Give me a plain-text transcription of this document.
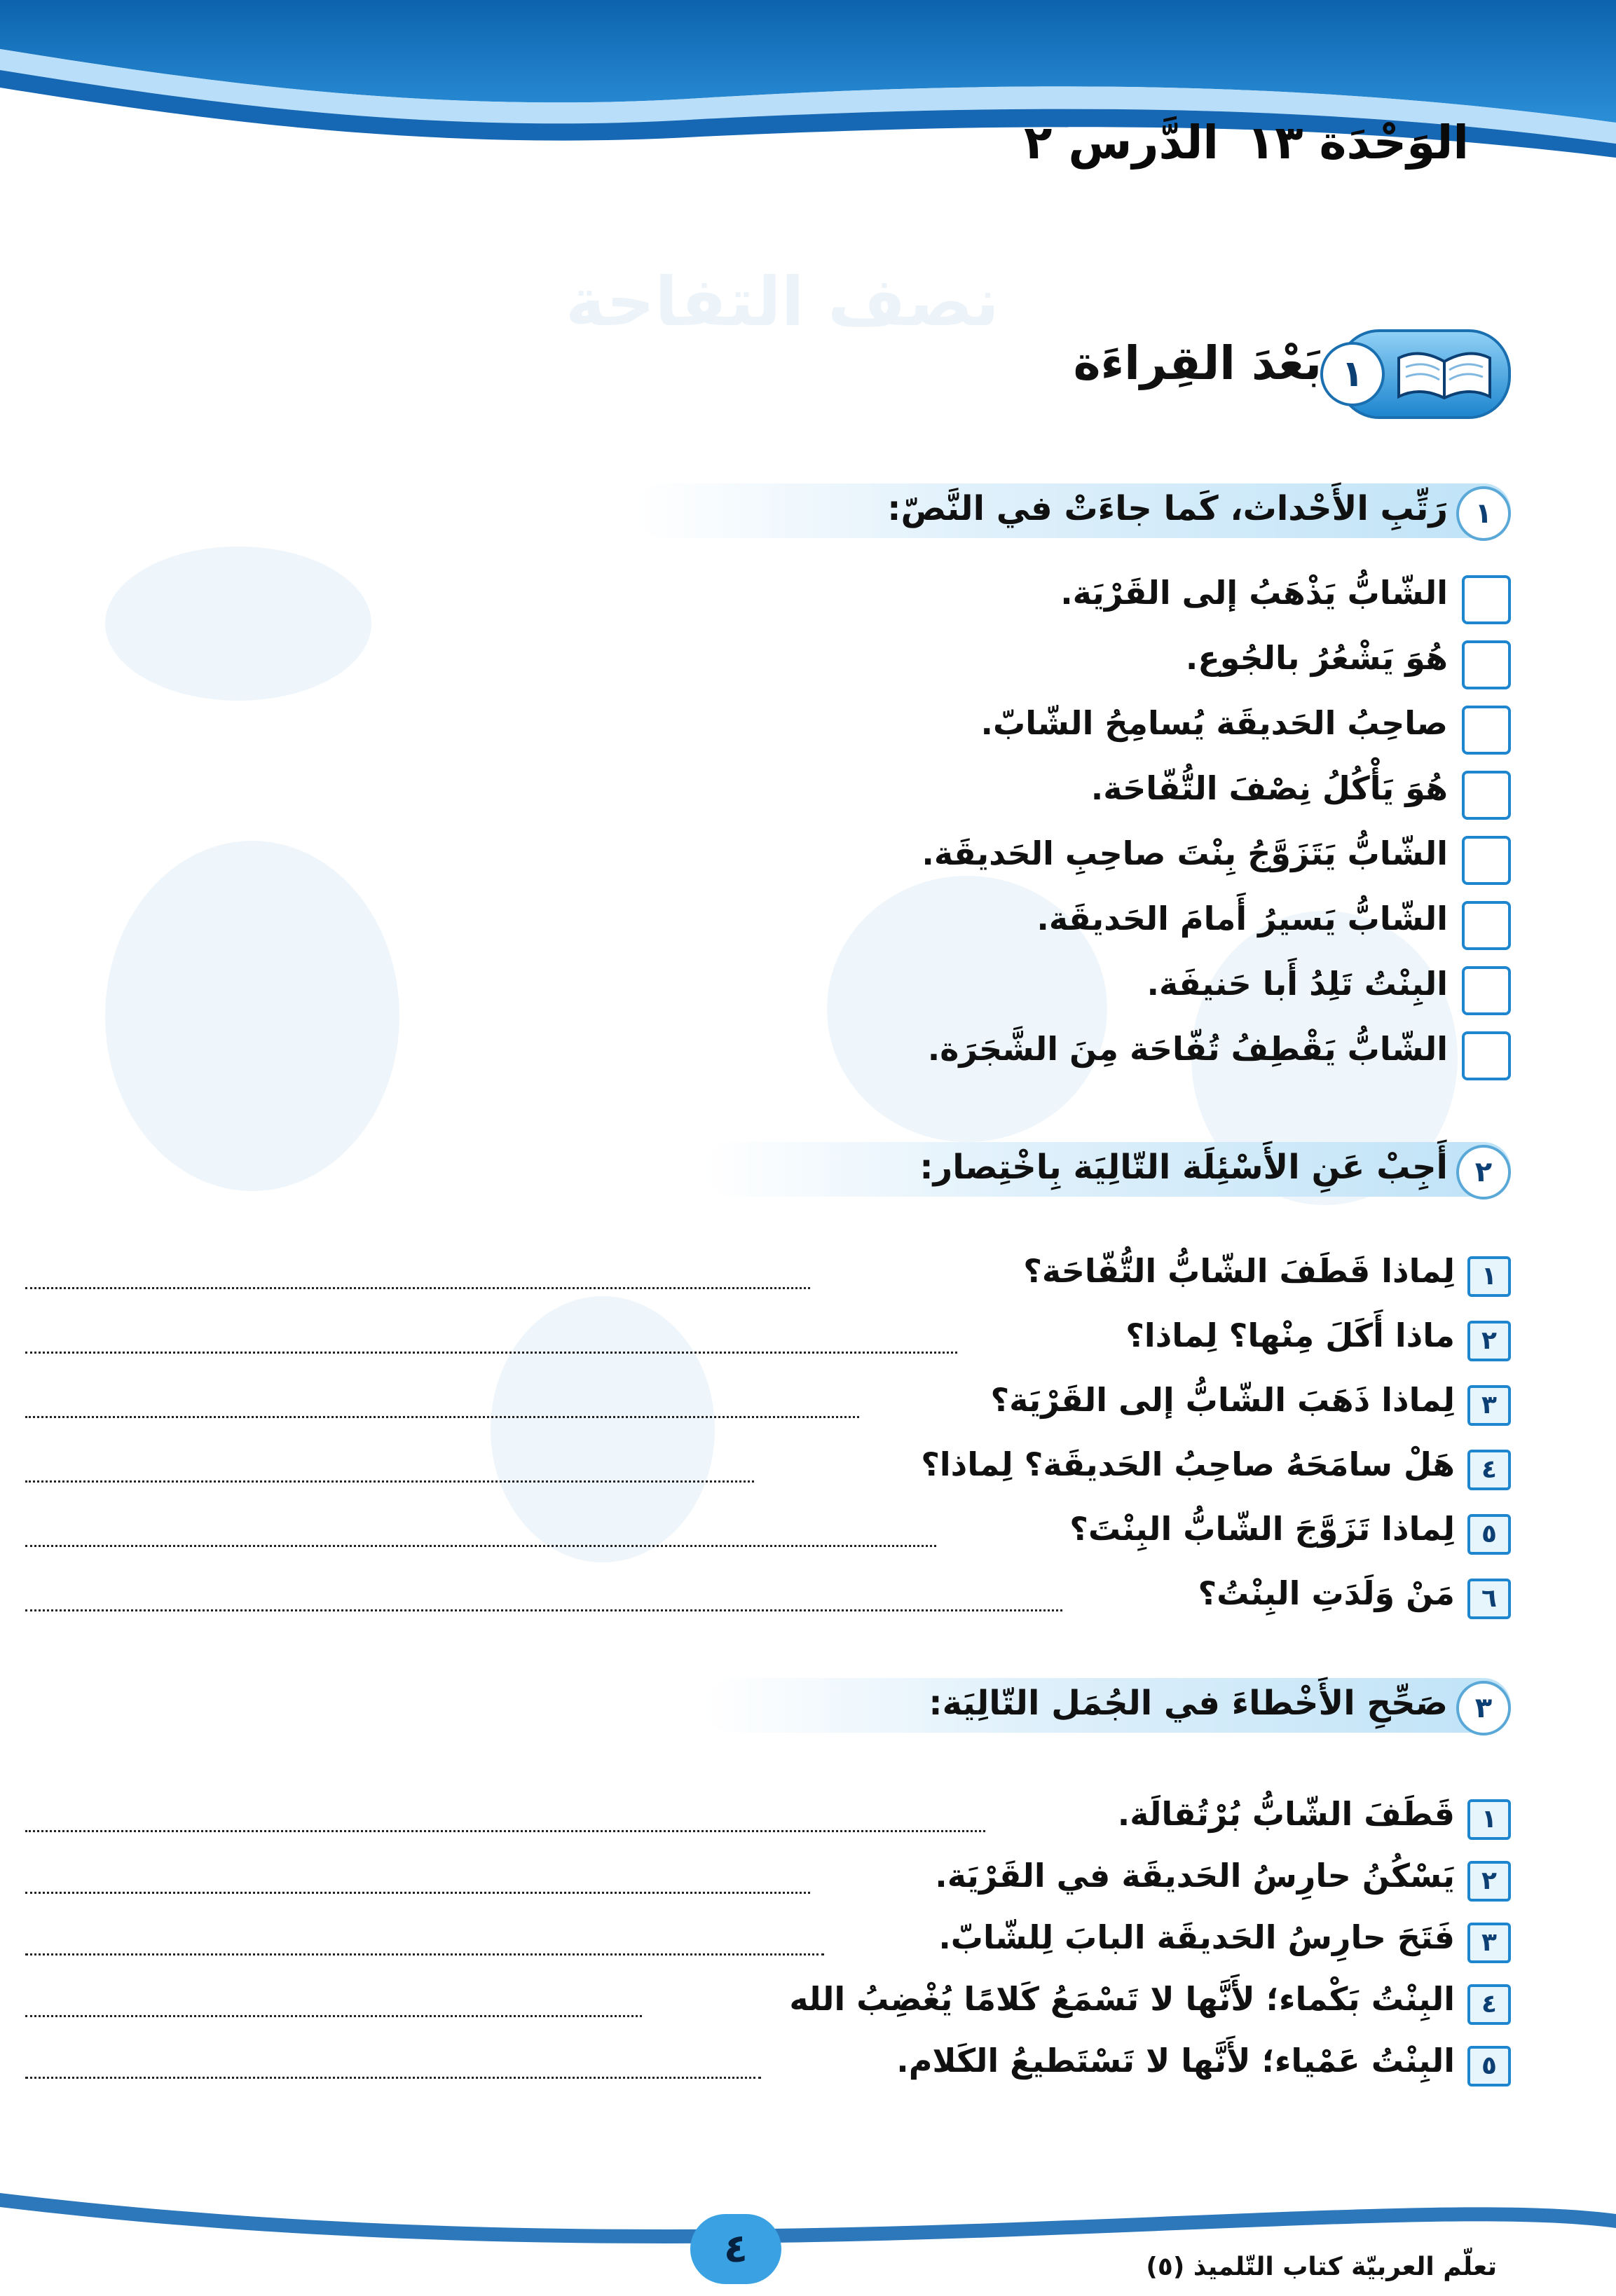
الوَحْدَة ١٣الدَّرس ٢
نصف التفاحة
١
بَعْدَ القِراءَة
١
رَتِّبِ الأَحْداث، كَما جاءَتْ في النَّصّ:
الشّابُّ يَذْهَبُ إلى القَرْيَة.
هُوَ يَشْعُرُ بالجُوع.
صاحِبُ الحَديقَة يُسامِحُ الشّابّ.
هُوَ يَأْكُلُ نِصْفَ التُّفّاحَة.
الشّابُّ يَتَزَوَّجُ بِنْتَ صاحِبِ الحَديقَة.
الشّابُّ يَسيرُ أَمامَ الحَديقَة.
البِنْتُ تَلِدُ أَبا حَنيفَة.
الشّابُّ يَقْطِفُ تُفّاحَة مِنَ الشَّجَرَة.
٢
أَجِبْ عَنِ الأَسْئِلَة التّالِيَة بِاخْتِصار:
١
لِماذا قَطَفَ الشّابُّ التُّفّاحَة؟
٢
ماذا أَكَلَ مِنْها؟ لِماذا؟
٣
لِماذا ذَهَبَ الشّابُّ إلى القَرْيَة؟
٤
هَلْ سامَحَهُ صاحِبُ الحَديقَة؟ لِماذا؟
٥
لِماذا تَزَوَّجَ الشّابُّ البِنْتَ؟
٦
مَنْ وَلَدَتِ البِنْتُ؟
٣
صَحِّحِ الأَخْطاءَ في الجُمَل التّالِيَة:
١
قَطَفَ الشّابُّ بُرْتُقالَة.
٢
يَسْكُنُ حارِسُ الحَديقَة في القَرْيَة.
٣
فَتَحَ حارِسُ الحَديقَة البابَ لِلشّابّ.
٤
البِنْتُ بَكْماء؛ لأَنَّها لا تَسْمَعُ كَلامًا يُغْضِبُ الله
٥
البِنْتُ عَمْياء؛ لأَنَّها لا تَسْتَطيعُ الكَلام.
٤	تعلّم العربيّة كتاب التّلميذ (٥)
